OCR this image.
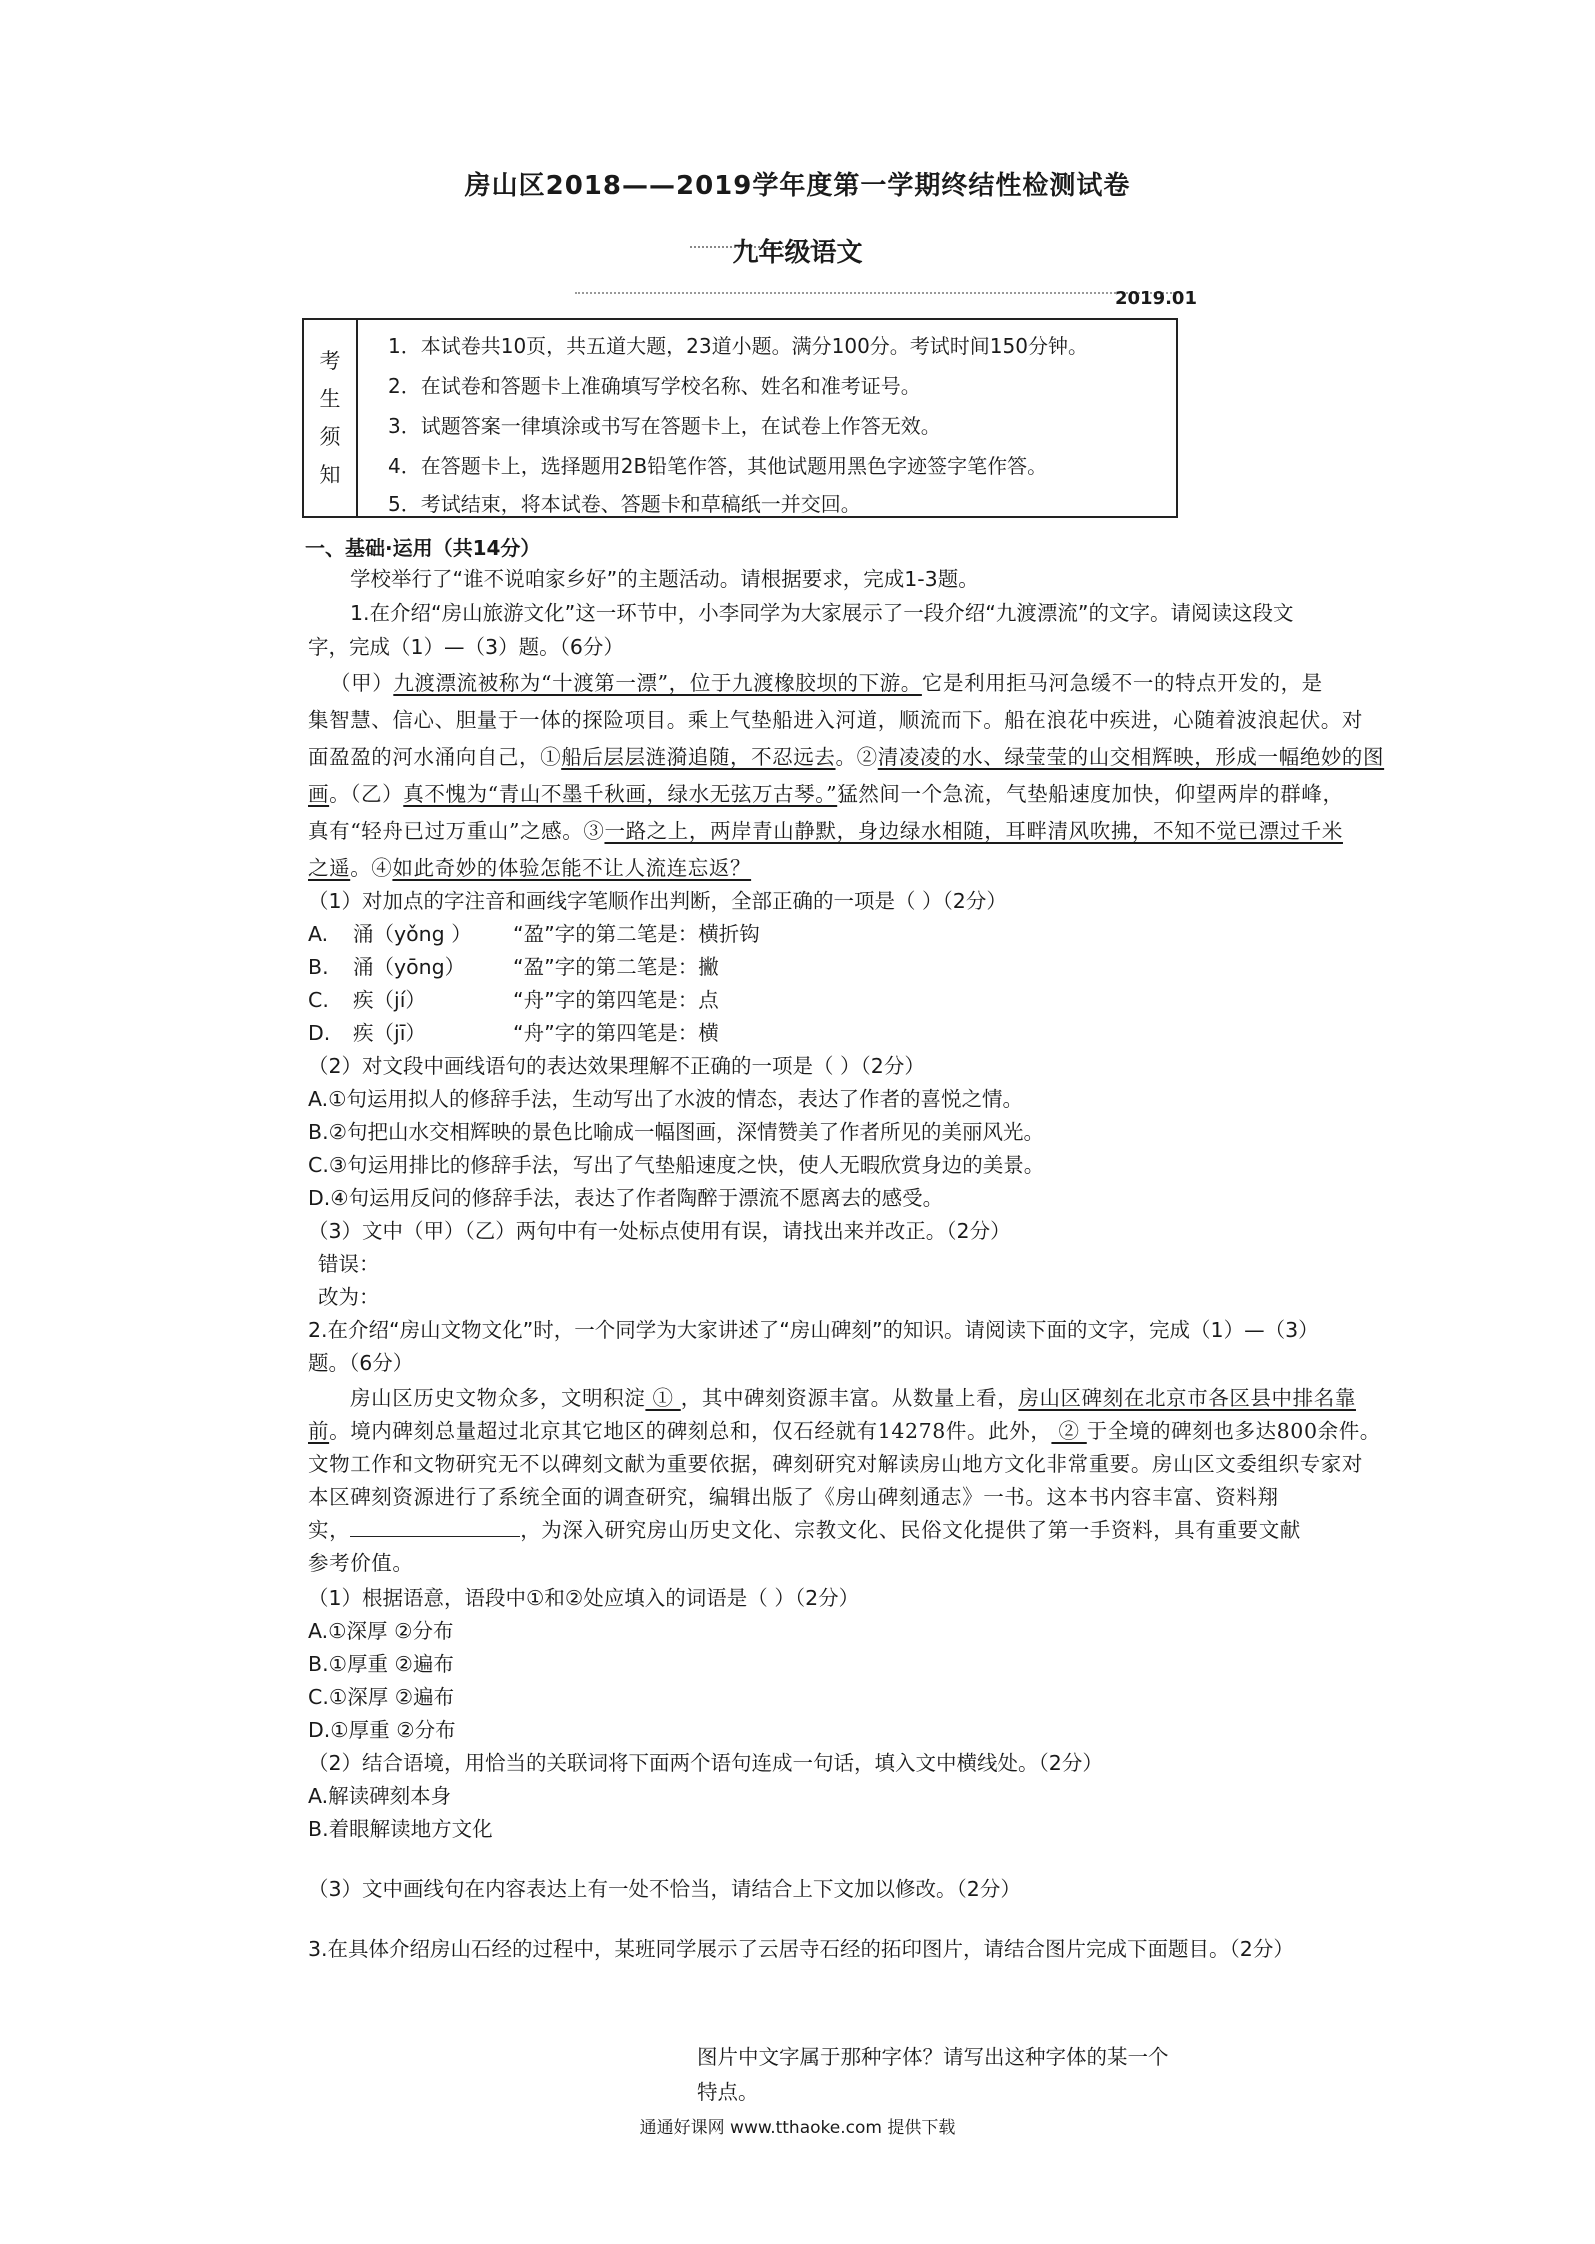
房山区2018——2019学年度第一学期终结性检测试卷
九年级语文
2019.01
考
生
须
知
1．本试卷共10页，共五道大题，23道小题。满分100分。考试时间150分钟。
2．在试卷和答题卡上准确填写学校名称、姓名和准考证号。
3．试题答案一律填涂或书写在答题卡上，在试卷上作答无效。
4．在答题卡上，选择题用2B铅笔作答，其他试题用黑色字迹签字笔作答。
5．考试结束，将本试卷、答题卡和草稿纸一并交回。
一、基础·运用（共14分）
学校举行了“谁不说咱家乡好”的主题活动。请根据要求，完成1-3题。
1.在介绍“房山旅游文化”这一环节中，小李同学为大家展示了一段介绍“九渡漂流”的文字。请阅读这段文
字，完成（1）—（3）题。（6分）
（甲）九渡漂流被称为“十渡第一漂”，位于九渡橡胶坝的下游。它是利用拒马河急缓不一的特点开发的，是
集智慧、信心、胆量于一体的探险项目。乘上气垫船进入河道，顺流而下。船在浪花中疾进，心随着波浪起伏。对
面盈盈的河水涌向自己，①船后层层涟漪追随，不忍远去。②清凌凌的水、绿莹莹的山交相辉映，形成一幅绝妙的图
画。（乙）真不愧为“青山不墨千秋画，绿水无弦万古琴。”猛然间一个急流，气垫船速度加快，仰望两岸的群峰，
真有“轻舟已过万重山”之感。③一路之上，两岸青山静默，身边绿水相随，耳畔清风吹拂，不知不觉已漂过千米
之遥。④如此奇妙的体验怎能不让人流连忘返？
（1）对加点的字注音和画线字笔顺作出判断，全部正确的一项是（ ）（2分）
A. 涌（yǒng ） “盈”字的第二笔是：横折钩
B. 涌（yōng） “盈”字的第二笔是：撇
C. 疾（jí）	“舟”字的第四笔是：点
D. 疾（jī）	“舟”字的第四笔是：横
（2）对文段中画线语句的表达效果理解不正确的一项是（ ）（2分）
A.①句运用拟人的修辞手法，生动写出了水波的情态，表达了作者的喜悦之情。
B.②句把山水交相辉映的景色比喻成一幅图画，深情赞美了作者所见的美丽风光。
C.③句运用排比的修辞手法，写出了气垫船速度之快，使人无暇欣赏身边的美景。
D.④句运用反问的修辞手法，表达了作者陶醉于漂流不愿离去的感受。
（3）文中（甲）（乙）两句中有一处标点使用有误，请找出来并改正。（2分）
错误：
改为：
2.在介绍“房山文物文化”时，一个同学为大家讲述了“房山碑刻”的知识。请阅读下面的文字，完成（1）—（3）
题。（6分）
房山区历史文物众多，文明积淀 ① ，其中碑刻资源丰富。从数量上看，房山区碑刻在北京市各区县中排名靠
前。境内碑刻总量超过北京其它地区的碑刻总和，仅石经就有14278件。此外， ② 于全境的碑刻也多达800余件。
文物工作和文物研究无不以碑刻文献为重要依据，碑刻研究对解读房山地方文化非常重要。房山区文委组织专家对
本区碑刻资源进行了系统全面的调查研究，编辑出版了《房山碑刻通志》一书。这本书内容丰富、资料翔
实，	，为深入研究房山历史文化、宗教文化、民俗文化提供了第一手资料，具有重要文献
参考价值。
（1）根据语意，语段中①和②处应填入的词语是（ ）（2分）
A.①深厚 ②分布
B.①厚重 ②遍布
C.①深厚 ②遍布
D.①厚重 ②分布
（2）结合语境，用恰当的关联词将下面两个语句连成一句话，填入文中横线处。（2分）
A.解读碑刻本身
B.着眼解读地方文化
（3）文中画线句在内容表达上有一处不恰当，请结合上下文加以修改。（2分）
3.在具体介绍房山石经的过程中，某班同学展示了云居寺石经的拓印图片，请结合图片完成下面题目。（2分）
图片中文字属于那种字体？请写出这种字体的某一个
特点。
通通好课网 www.tthaoke.com 提供下载
